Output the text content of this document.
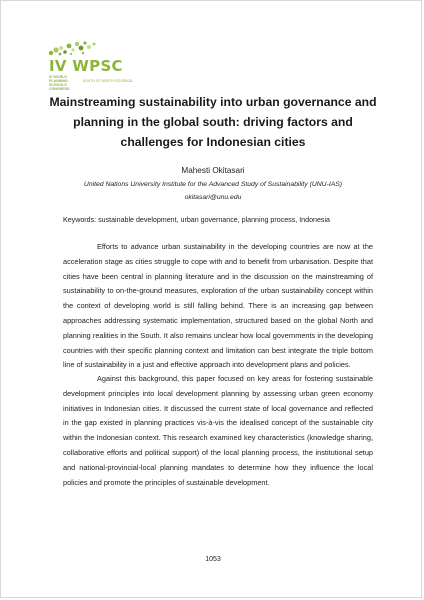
IV WPSC
IV WORLD PLANNING SCHOOLS CONGRESS
SOUTH OF NORTH RIO BRAZIL
Mainstreaming sustainability into urban governance and planning in the global south: driving factors and challenges for Indonesian cities
Mahesti Okitasari
United Nations University Institute for the Advanced Study of Sustainability (UNU-IAS)
okitasari@unu.edu
Keywords: sustainable development, urban governance, planning process, Indonesia

Efforts to advance urban sustainability in the developing countries are now at the acceleration stage as cities struggle to cope with and to benefit from urbanisation. Despite that cities have been central in planning literature and in the discussion on the mainstreaming of sustainability to on-the-ground measures, exploration of the urban sustainability concept within the context of developing world is still falling behind. There is an increasing gap between approaches addressing systematic implementation, structured based on the global North and planning realities in the South. It also remains unclear how local governments in the developing countries with their specific planning context and limitation can best integrate the triple bottom line of sustainability in a just and effective approach into development plans and policies.

Against this background, this paper focused on key areas for fostering sustainable development principles into local development planning by assessing urban green economy initiatives in Indonesian cities. It discussed the current state of local governance and reflected in the gap existed in planning practices vis-à-vis the idealised concept of the sustainable city within the Indonesian context. This research examined key characteristics (knowledge sharing, collaborative efforts and political support) of the local planning process, the institutional setup and national-provincial-local planning mandates to determine how they influence the local policies and promote the principles of sustainable development.

1053
